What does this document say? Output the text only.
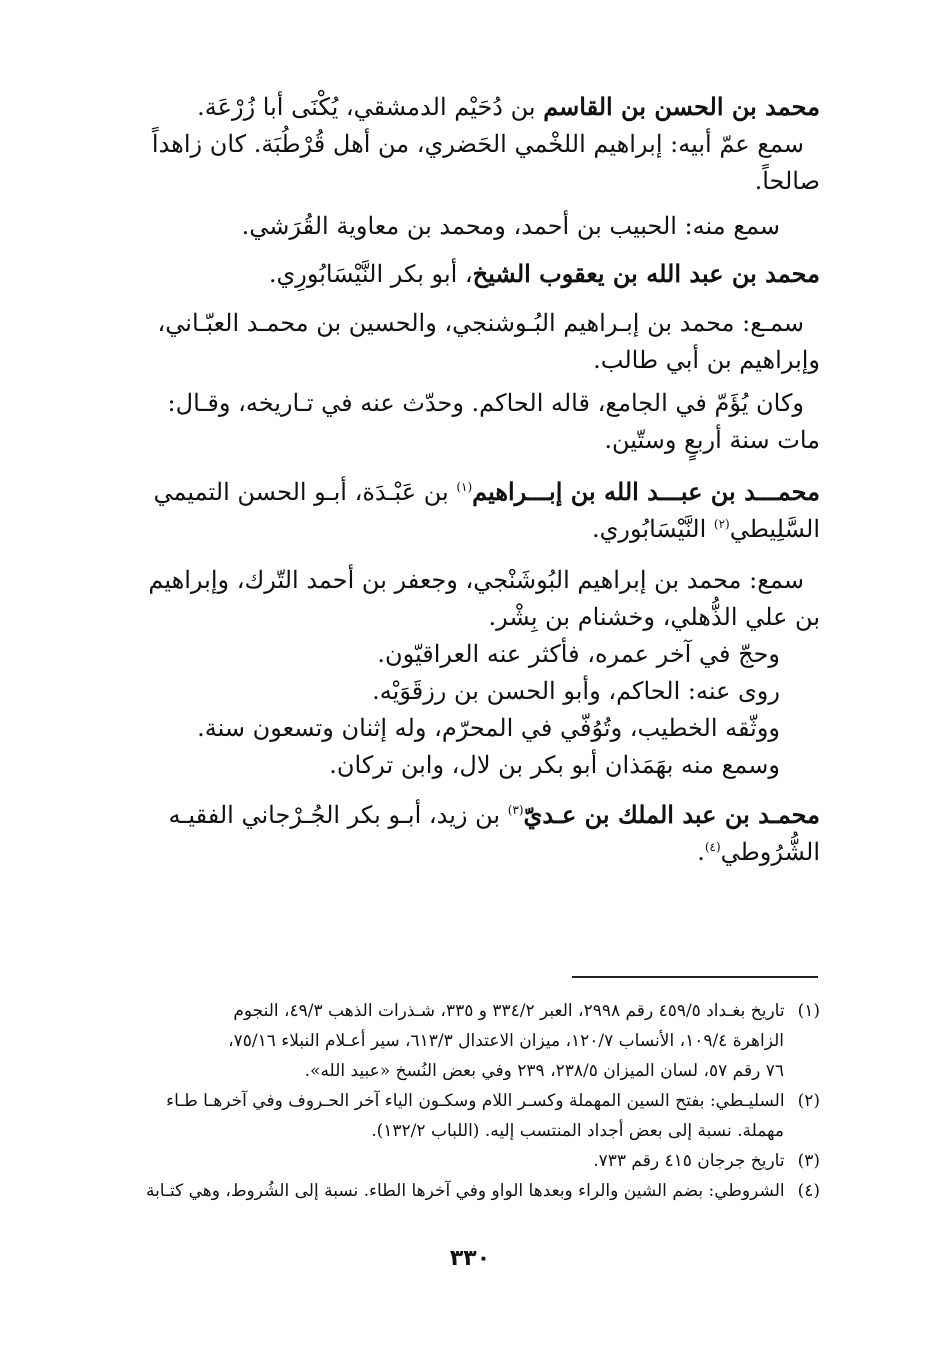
محمد بن الحسن بن القاسم بن دُحَيْم الدمشقي، يُكْنَى أبا زُرْعَة.
سمع عمّ أبيه: إبراهيم اللخْمي الحَضري، من أهل قُرْطُبَة. كان زاهداً
صالحاً.
سمع منه: الحبيب بن أحمد، ومحمد بن معاوية القُرَشي.
محمد بن عبد الله بن يعقوب الشيخ، أبو بكر النَّيْسَابُورِي.
سمـع: محمد بن إبـراهيم البُـوشنجي، والحسين بن محمـد العبّـاني،
وإبراهيم بن أبي طالب.
وكان يُؤَمّ في الجامع، قاله الحاكم. وحدّث عنه في تـاريخه، وقـال:
مات سنة أربعٍ وستّين.
محمـــد بن عبـــد الله بن إبـــراهيم$^{(١)}$ بن عَبْـدَة، أبـو الحسن التميمي
السَّلِيطي$^{(٢)}$ النَّيْسَابُوري.
سمع: محمد بن إبراهيم البُوشَنْجي، وجعفر بن أحمد التّرك، وإبراهيم
بن علي الذُّهلي، وخشنام بن بِشْر.
وحجّ في آخر عمره، فأكثر عنه العراقيّون.
روى عنه: الحاكم، وأبو الحسن بن رزقَوَيْه.
ووثّقه الخطيب، وتُوُفّي في المحرّم، وله إثنان وتسعون سنة.
وسمع منه بهَمَذان أبو بكر بن لال، وابن تركان.
محمـد بن عبد الملك بن عـديّ$^{(٣)}$ بن زيد، أبـو بكر الجُـرْجاني الفقيـه
الشُّرُوطي$^{(٤)}$.
(١) تاريخ بغـداد ٤٥٩/٥ رقم ٢٩٩٨، العبر ٣٣٤/٢ و ٣٣٥، شـذرات الذهب ٤٩/٣، النجوم
الزاهرة ١٠٩/٤، الأنساب ١٢٠/٧، ميزان الاعتدال ٦١٣/٣، سير أعـلام النبلاء ٧٥/١٦،
٧٦ رقم ٥٧، لسان الميزان ٢٣٨/٥، ٢٣٩ وفي بعض النُسخ «عبيد الله».
(٢) السليـطي: بفتح السين المهملة وكسـر اللام وسكـون الياء آخر الحـروف وفي آخرهـا طـاء
مهملة. نسبة إلى بعض أجداد المنتسب إليه. (اللباب ١٣٢/٢).
(٣) تاريخ جرجان ٤١٥ رقم ٧٣٣.
(٤) الشروطي: بضم الشين والراء وبعدها الواو وفي آخرها الطاء. نسبة إلى الشُروط، وهي كتـابة
٣٣٠
